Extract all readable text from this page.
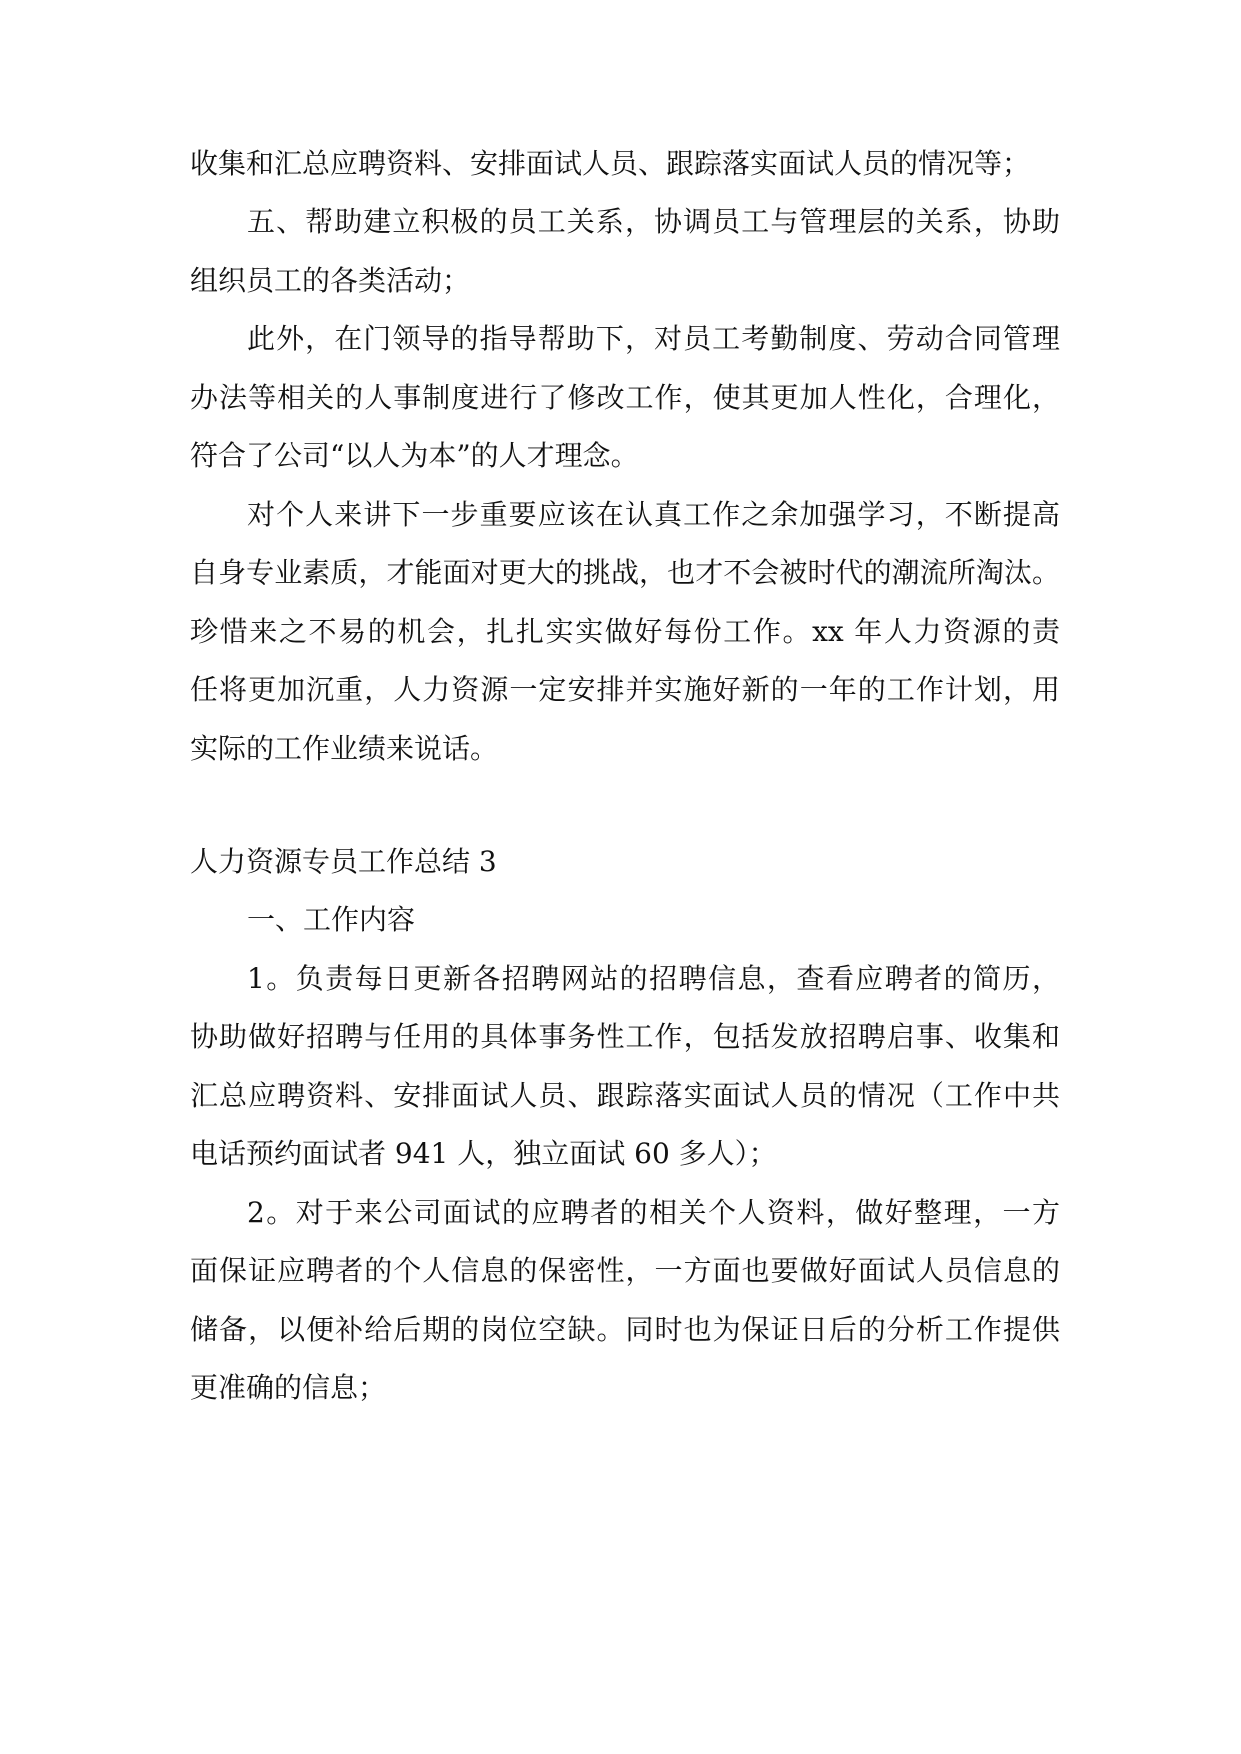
收集和汇总应聘资料、安排面试人员、跟踪落实面试人员的情况等；
五、帮助建立积极的员工关系，协调员工与管理层的关系，协助
组织员工的各类活动；
此外，在门领导的指导帮助下，对员工考勤制度、劳动合同管理
办法等相关的人事制度进行了修改工作，使其更加人性化，合理化，
符合了公司“以人为本”的人才理念。
对个人来讲下一步重要应该在认真工作之余加强学习，不断提高
自身专业素质，才能面对更大的挑战，也才不会被时代的潮流所淘汰。
珍惜来之不易的机会，扎扎实实做好每份工作。xx 年人力资源的责
任将更加沉重，人力资源一定安排并实施好新的一年的工作计划，用
实际的工作业绩来说话。
人力资源专员工作总结 3
一、工作内容
1。负责每日更新各招聘网站的招聘信息，查看应聘者的简历，
协助做好招聘与任用的具体事务性工作，包括发放招聘启事、收集和
汇总应聘资料、安排面试人员、跟踪落实面试人员的情况（工作中共
电话预约面试者 941 人，独立面试 60 多人）；
2。对于来公司面试的应聘者的相关个人资料，做好整理，一方
面保证应聘者的个人信息的保密性，一方面也要做好面试人员信息的
储备，以便补给后期的岗位空缺。同时也为保证日后的分析工作提供
更准确的信息；
